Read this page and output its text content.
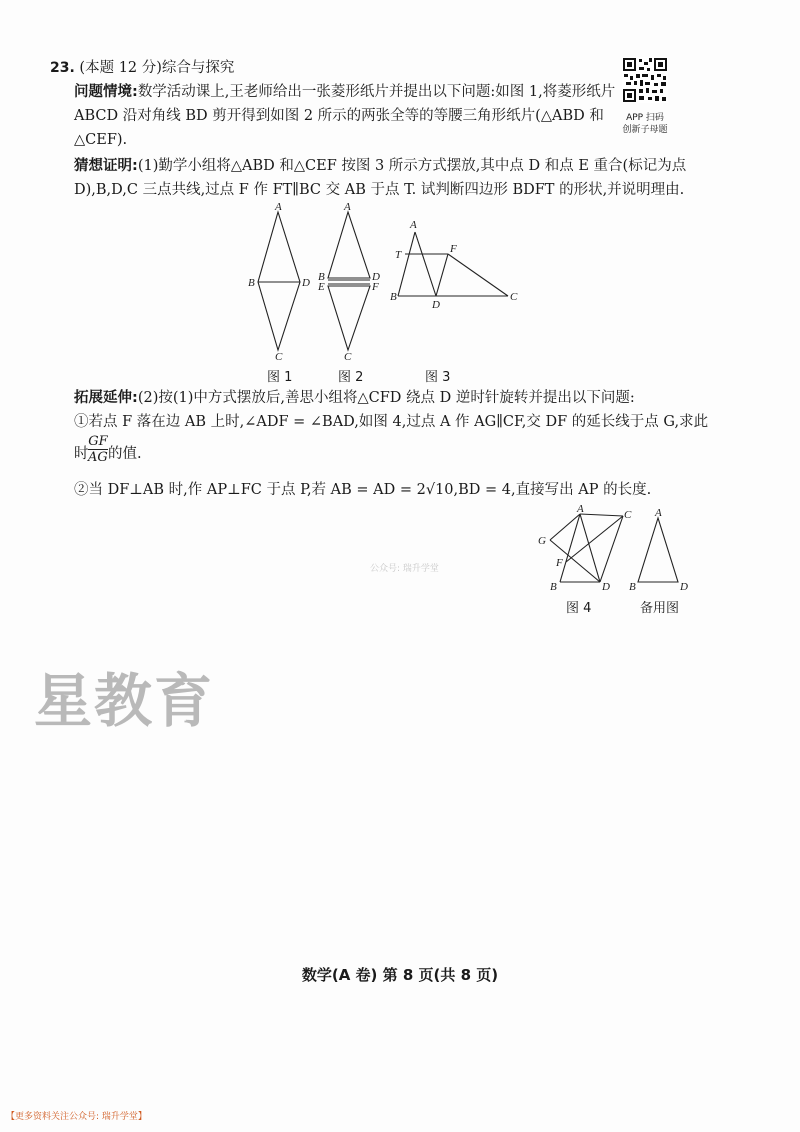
23. (本题 12 分)综合与探究
APP 扫码
创新子母题
问题情境:数学活动课上,王老师给出一张菱形纸片并提出以下问题:如图 1,将菱形纸片
ABCD 沿对角线 BD 剪开得到如图 2 所示的两张全等的等腰三角形纸片(△ABD 和
△CEF).
猜想证明:(1)勤学小组将△ABD 和△CEF 按图 3 所示方式摆放,其中点 D 和点 E 重合(标记为点
D),B,D,C 三点共线,过点 F 作 FT∥BC 交 AB 于点 T. 试判断四边形 BDFT 的形状,并说明理由.
A
B	D
C
A
B
E
D
F
C
A
T	F
B
D
C
图 1	图 2	图 3
拓展延伸:(2)按(1)中方式摆放后,善思小组将△CFD 绕点 D 逆时针旋转并提出以下问题:
①若点 F 落在边 AB 上时,∠ADF = ∠BAD,如图 4,过点 A 作 AG∥CF,交 DF 的延长线于点 G,求此
时 $\frac{GF}{AG}$ 的值.
②当 DF⊥AB 时,作 AP⊥FC 于点 P,若 AB = AD = 2√10,BD = 4,直接写出 AP 的长度.
A
G
F
B	D
C A
B	D
图 4	备用图
公众号: 瑞升学堂
星教育
数学(A 卷) 第 8 页(共 8 页)
【更多资料关注公众号: 瑞升学堂】
